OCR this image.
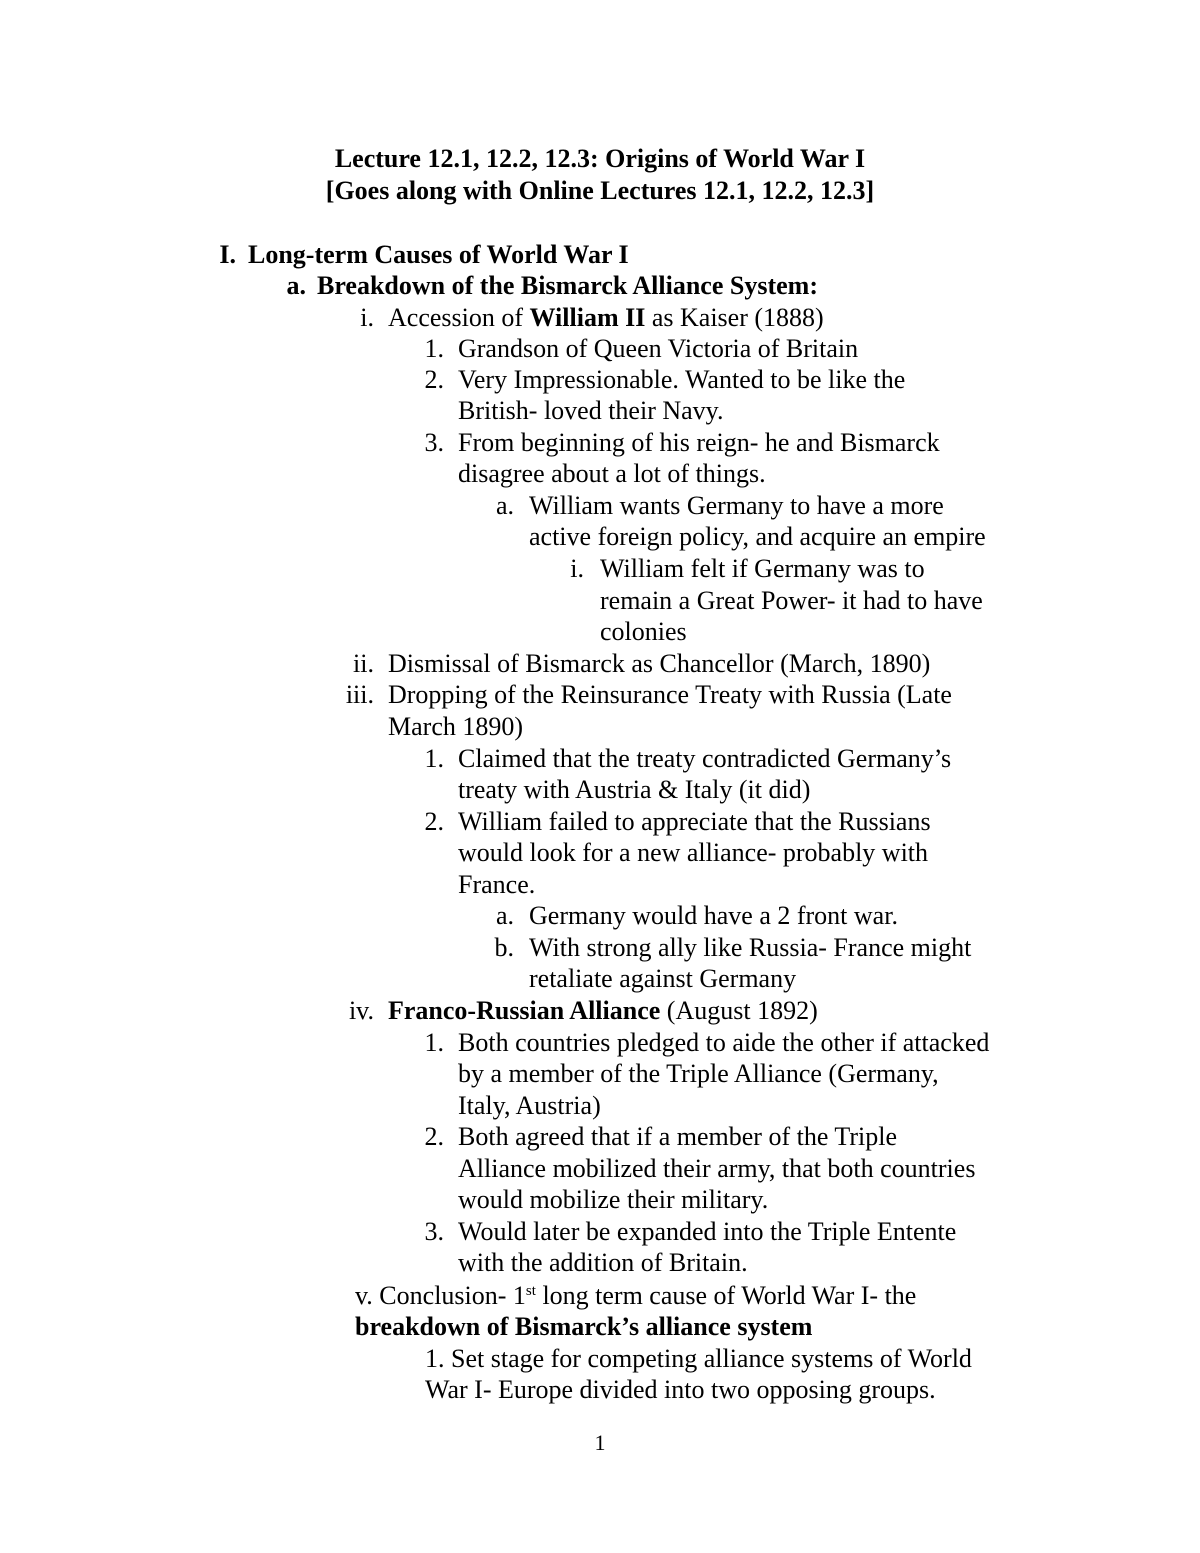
Lecture 12.1, 12.2, 12.3: Origins of World War I
[Goes along with Online Lectures 12.1, 12.2, 12.3]
I. Long-term Causes of World War I
a. Breakdown of the Bismarck Alliance System:
i. Accession of William II as Kaiser (1888)
1. Grandson of Queen Victoria of Britain
2. Very Impressionable. Wanted to be like the
British- loved their Navy.
3. From beginning of his reign- he and Bismarck
disagree about a lot of things.
a. William wants Germany to have a more
active foreign policy, and acquire an empire
i. William felt if Germany was to
remain a Great Power- it had to have
colonies
ii. Dismissal of Bismarck as Chancellor (March, 1890)
iii. Dropping of the Reinsurance Treaty with Russia (Late
March 1890)
1. Claimed that the treaty contradicted Germany’s
treaty with Austria & Italy (it did)
2. William failed to appreciate that the Russians
would look for a new alliance- probably with
France.
a. Germany would have a 2 front war.
b. With strong ally like Russia- France might
retaliate against Germany
iv. Franco-Russian Alliance (August 1892)
1. Both countries pledged to aide the other if attacked
by a member of the Triple Alliance (Germany,
Italy, Austria)
2. Both agreed that if a member of the Triple
Alliance mobilized their army, that both countries
would mobilize their military.
3. Would later be expanded into the Triple Entente
with the addition of Britain.
v. Conclusion- 1st long term cause of World War I- the
breakdown of Bismarck’s alliance system
1. Set stage for competing alliance systems of World
War I- Europe divided into two opposing groups.
1
